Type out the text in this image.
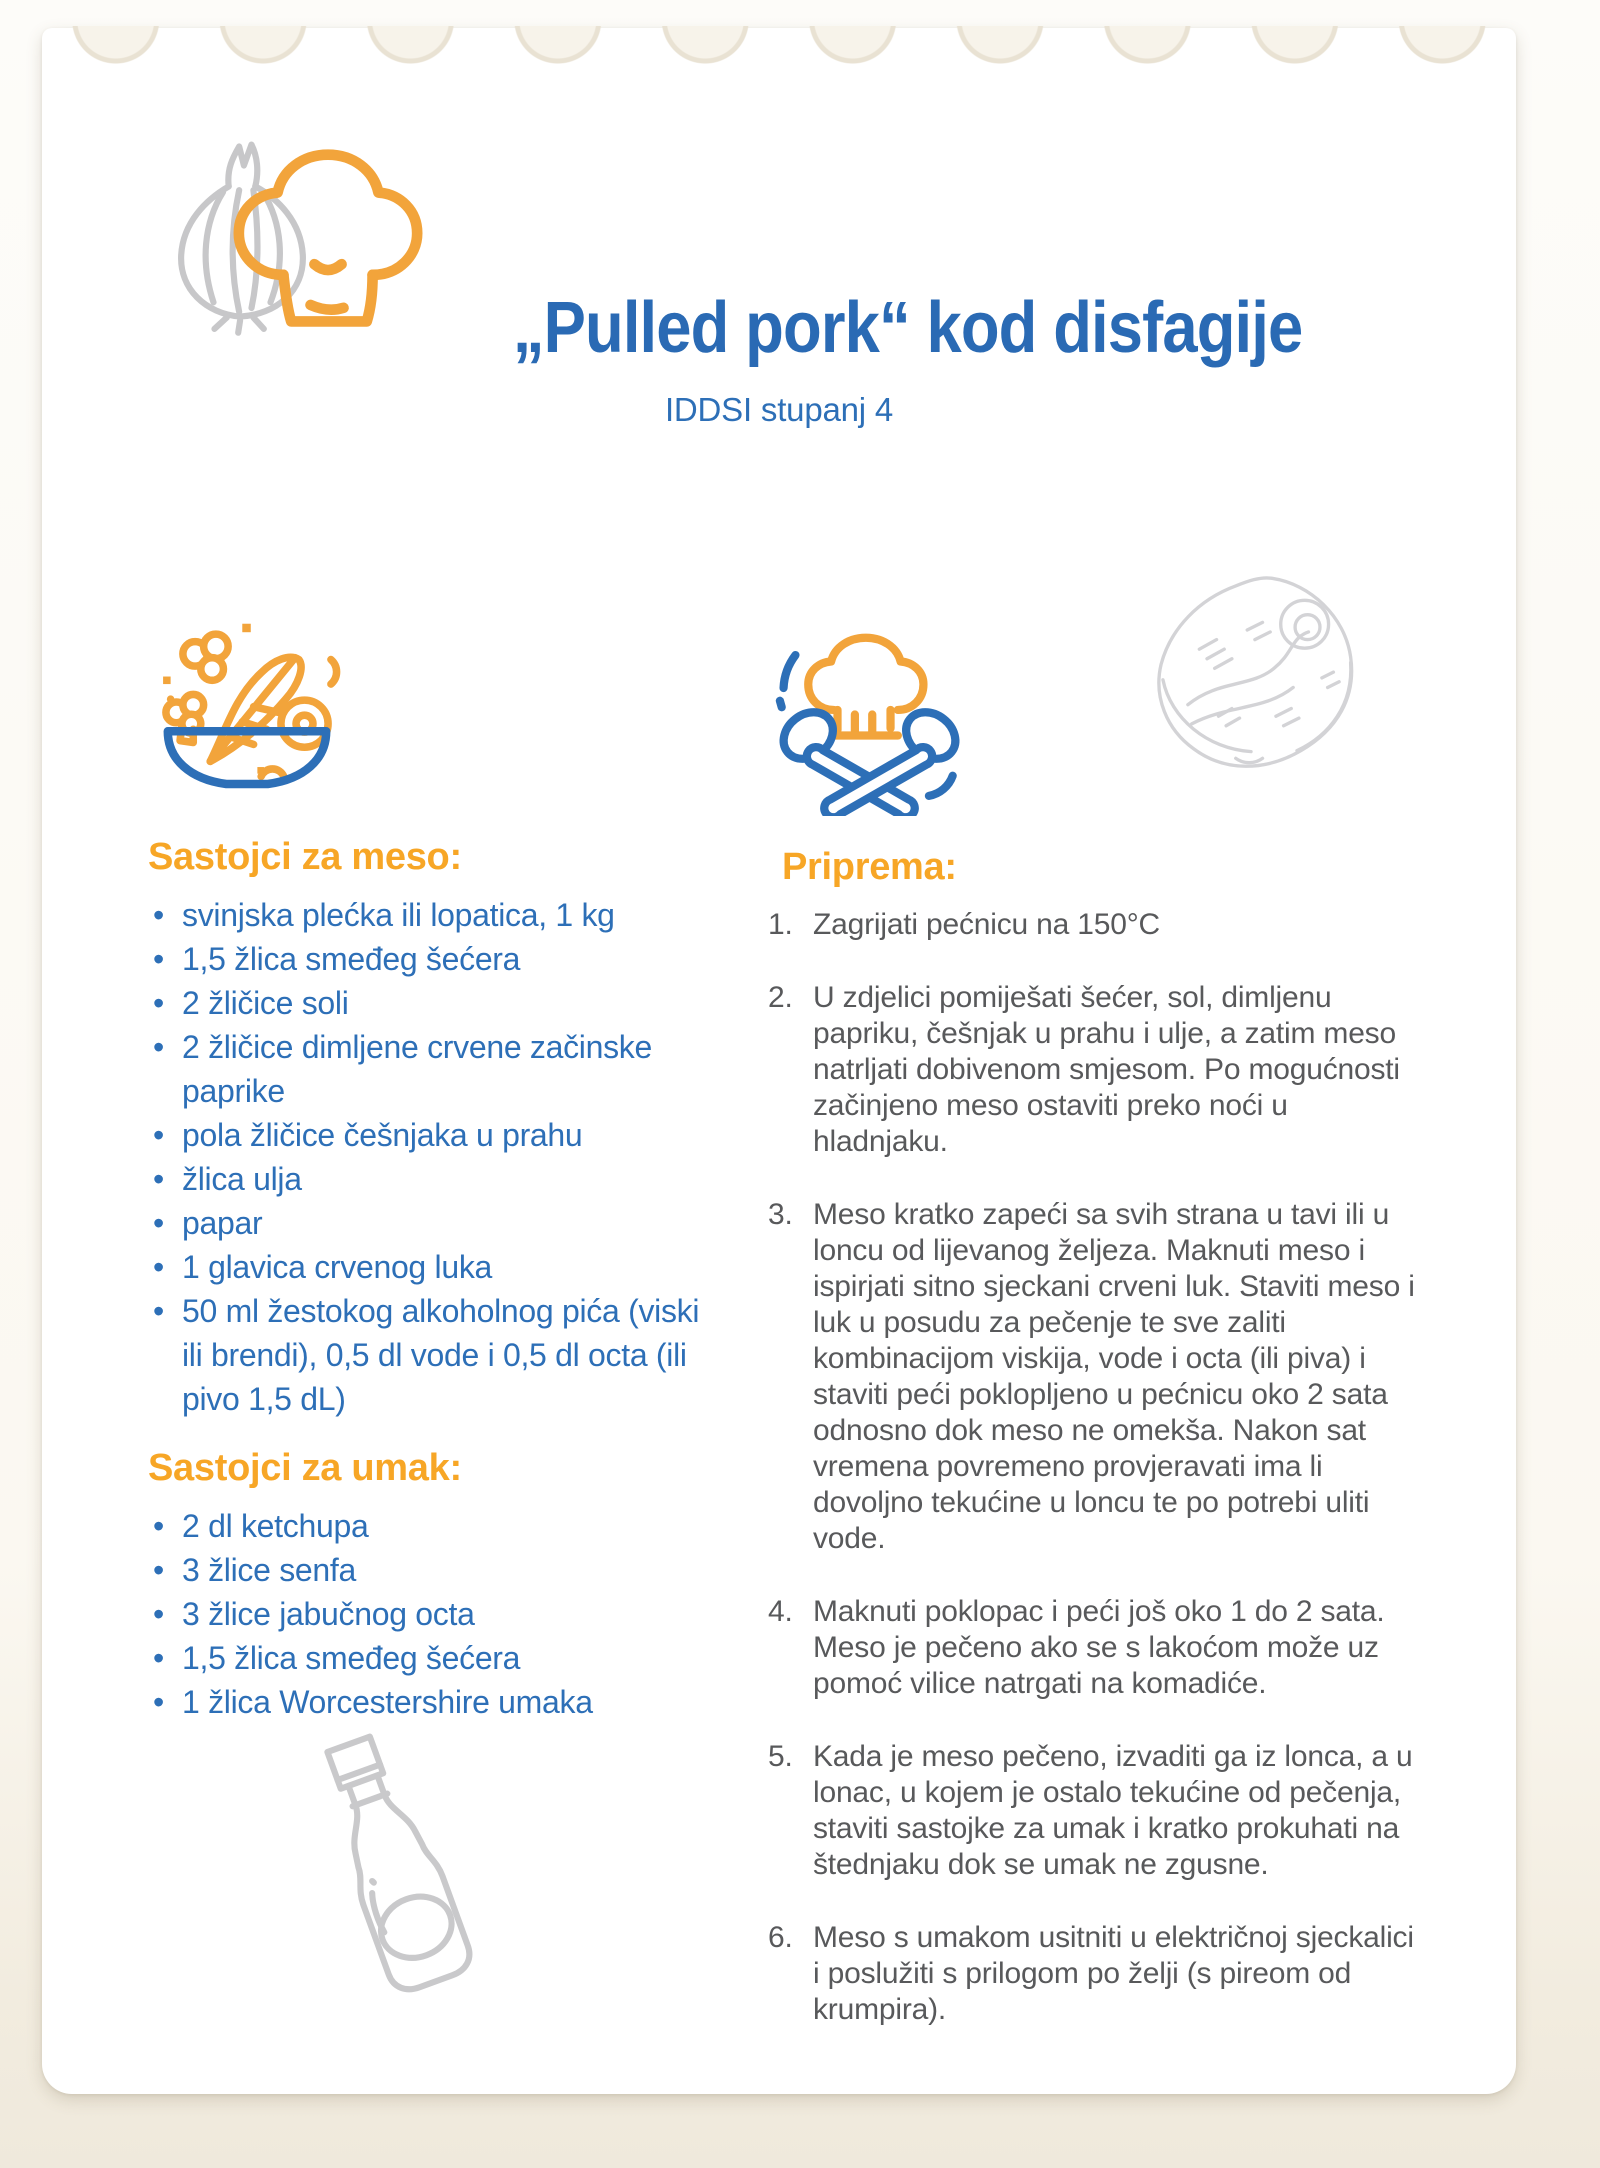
„Pulled pork“ kod disfagije
IDDSI stupanj 4
Sastojci za meso:
• svinjska plećka ili lopatica, 1 kg
• 1,5 žlica smeđeg šećera
• 2 žličice soli
• 2 žličice dimljene crvene začinske paprike
• pola žličice češnjaka u prahu
• žlica ulja
• papar
• 1 glavica crvenog luka
• 50 ml žestokog alkoholnog pića (viski ili brendi), 0,5 dl vode i 0,5 dl octa (ili pivo 1,5 dL)
Sastojci za umak:
• 2 dl ketchupa
• 3 žlice senfa
• 3 žlice jabučnog octa
• 1,5 žlica smeđeg šećera
• 1 žlica Worcestershire umaka
Priprema:
1. Zagrijati pećnicu na 150°C
2. U zdjelici pomiješati šećer, sol, dimljenu papriku, češnjak u prahu i ulje, a zatim meso natrljati dobivenom smjesom. Po mogućnosti začinjeno meso ostaviti preko noći u hladnjaku.
3. Meso kratko zapeći sa svih strana u tavi ili u loncu od lijevanog željeza. Maknuti meso i ispirjati sitno sjeckani crveni luk. Staviti meso i luk u posudu za pečenje te sve zaliti kombinacijom viskija, vode i octa (ili piva) i staviti peći poklopljeno u pećnicu oko 2 sata odnosno dok meso ne omekša. Nakon sat vremena povremeno provjeravati ima li dovoljno tekućine u loncu te po potrebi uliti vode.
4. Maknuti poklopac i peći još oko 1 do 2 sata. Meso je pečeno ako se s lakoćom može uz pomoć vilice natrgati na komadiće.
5. Kada je meso pečeno, izvaditi ga iz lonca, a u lonac, u kojem je ostalo tekućine od pečenja, staviti sastojke za umak i kratko prokuhati na štednjaku dok se umak ne zgusne.
6. Meso s umakom usitniti u električnoj sjeckalici i poslužiti s prilogom po želji (s pireom od krumpira).
